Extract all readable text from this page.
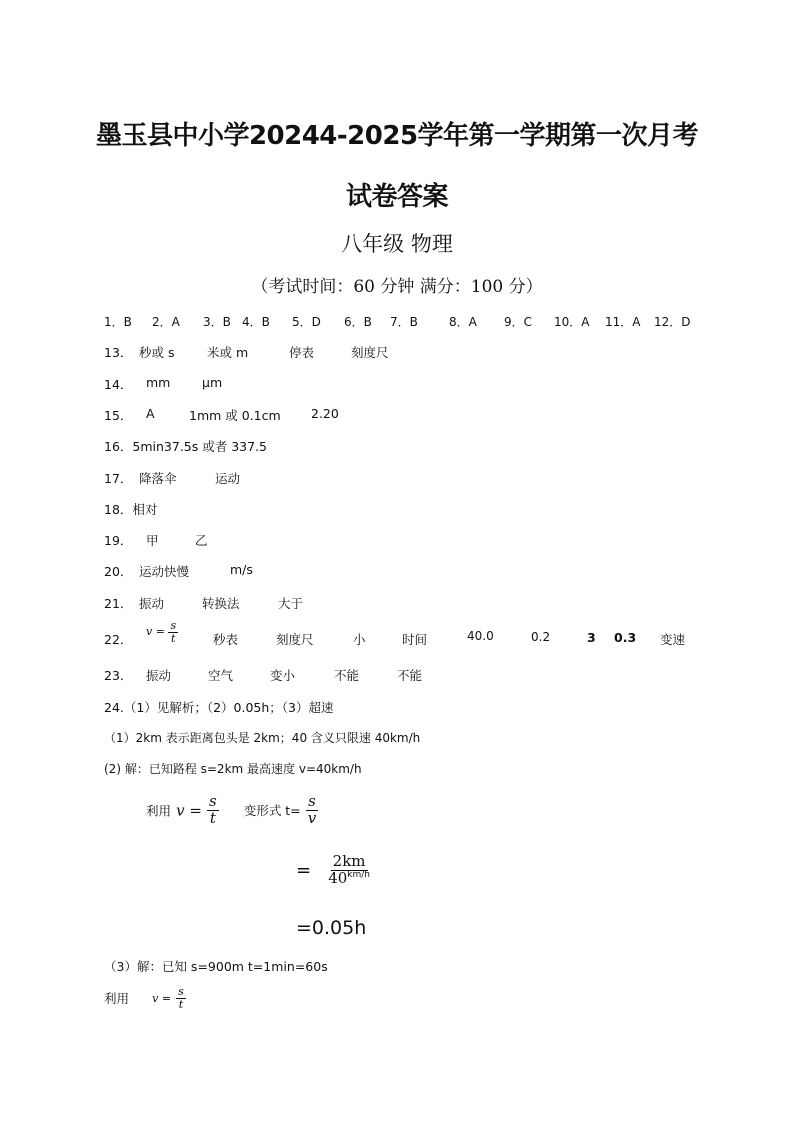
墨玉县中小学20244-2025学年第一学期第一次月考
试卷答案
八年级 物理
（考试时间：60 分钟 满分：100 分）
1．B 2．A 3．B 4．B 5．D 6．B 7．B	8．A 9．C 10．A 11．A 12．D
13． 秒或 s	米或 m	停表	刻度尺
14． mm	μm
15． A	1mm 或 0.1cm 2.20
16．5min37.5s 或者 337.5
17． 降落伞	运动
18．相对
19． 甲	乙
20． 运动快慢	m/s
21． 振动	转换法	大于
22．
$v = \frac{s}{t}$	秒表	刻度尺	小	时间	40.0	0.2	3 0.3 变速
23． 振动	空气	变小	不能	不能
24.（1）见解析；（2）0.05h；（3）超速
（1）2km 表示距离包头是 2km；40 含义只限速 40km/h
(2) 解：已知路程 s=2km 最高速度 v=40km/h
利用 $v = \frac{s}{t}$ 变形式 $t= \frac{s}{v}$
= $\frac{2km}{40^{km/h}}$
=0.05h
（3）解：已知 s=900m t=1min=60s
利用 $v = \frac{s}{t}$
